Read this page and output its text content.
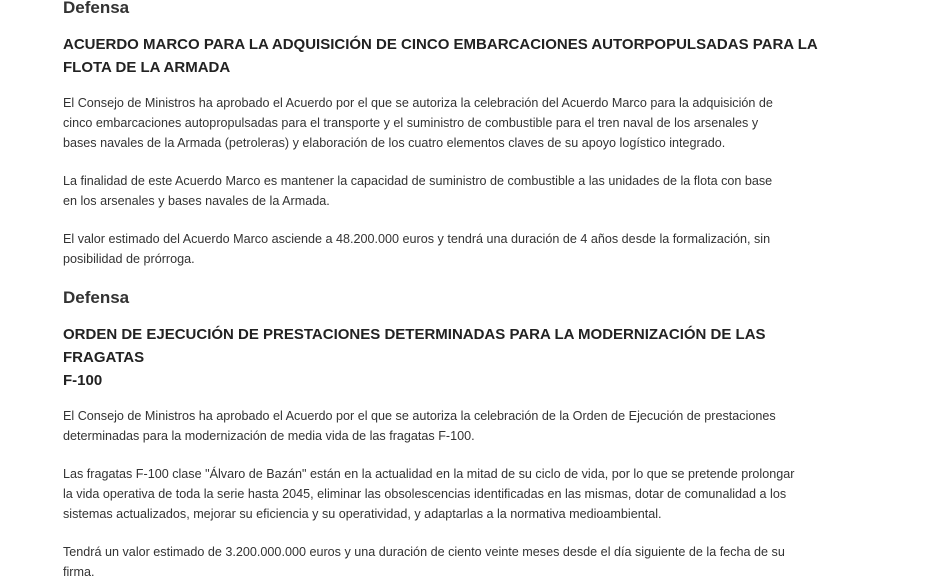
Defensa
ACUERDO MARCO PARA LA ADQUISICIÓN DE CINCO EMBARCACIONES AUTORPOPULSADAS PARA LA
FLOTA DE LA ARMADA

El Consejo de Ministros ha aprobado el Acuerdo por el que se autoriza la celebración del Acuerdo Marco para la adquisición de
cinco embarcaciones autopropulsadas para el transporte y el suministro de combustible para el tren naval de los arsenales y
bases navales de la Armada (petroleras) y elaboración de los cuatro elementos claves de su apoyo logístico integrado.

La finalidad de este Acuerdo Marco es mantener la capacidad de suministro de combustible a las unidades de la flota con base
en los arsenales y bases navales de la Armada.

El valor estimado del Acuerdo Marco asciende a 48.200.000 euros y tendrá una duración de 4 años desde la formalización, sin
posibilidad de prórroga.

Defensa
ORDEN DE EJECUCIÓN DE PRESTACIONES DETERMINADAS PARA LA MODERNIZACIÓN DE LAS FRAGATAS
F-100

El Consejo de Ministros ha aprobado el Acuerdo por el que se autoriza la celebración de la Orden de Ejecución de prestaciones
determinadas para la modernización de media vida de las fragatas F-100.

Las fragatas F-100 clase "Álvaro de Bazán" están en la actualidad en la mitad de su ciclo de vida, por lo que se pretende prolongar
la vida operativa de toda la serie hasta 2045, eliminar las obsolescencias identificadas en las mismas, dotar de comunalidad a los
sistemas actualizados, mejorar su eficiencia y su operatividad, y adaptarlas a la normativa medioambiental.

Tendrá un valor estimado de 3.200.000.000 euros y una duración de ciento veinte meses desde el día siguiente de la fecha de su
firma.
